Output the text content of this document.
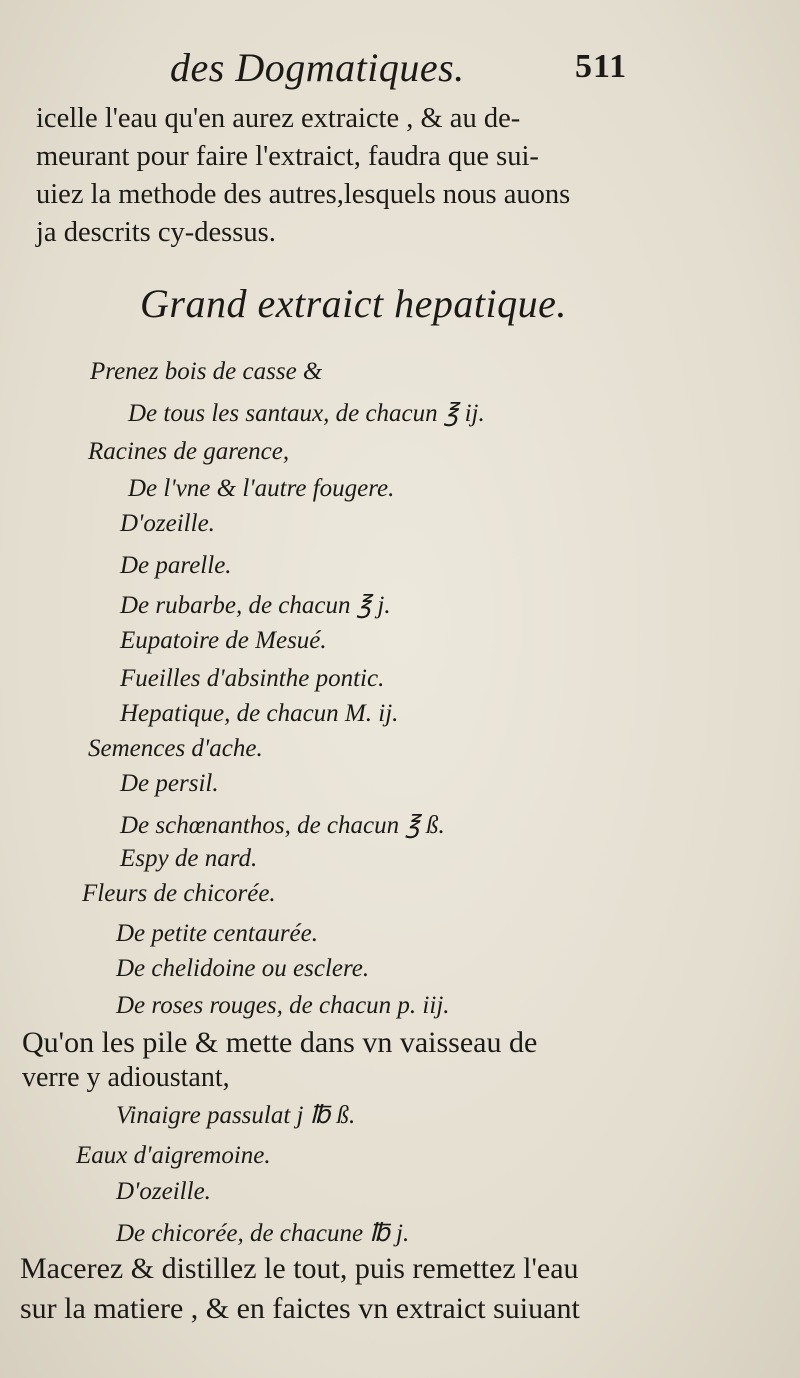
des Dogmatiques.	511
icelle l'eau qu'en aurez extraicte , & au de-
meurant pour faire l'extraict, faudra que sui-
uiez la methode des autres,lesquels nous auons
ja descrits cy-dessus.
Grand extraict hepatique.
Prenez bois de casse &
De tous les santaux, de chacun ℥ ij.
Racines de garence,
De l'vne & l'autre fougere.
D'ozeille.
De parelle.
De rubarbe, de chacun ℥ j.
Eupatoire de Mesué.
Fueilles d'absinthe pontic.
Hepatique, de chacun M. ij.
Semences d'ache.
De persil.
De schœnanthos, de chacun ℥ ß.
Espy de nard.
Fleurs de chicorée.
De petite centaurée.
De chelidoine ou esclere.
De roses rouges, de chacun p. iij.
Qu'on les pile & mette dans vn vaisseau de
verre y adioustant,
Vinaigre passulat j ℔ ß.
Eaux d'aigremoine.
D'ozeille.
De chicorée, de chacune ℔ j.
Macerez & distillez le tout, puis remettez l'eau
sur la matiere , & en faictes vn extraict suiuant
